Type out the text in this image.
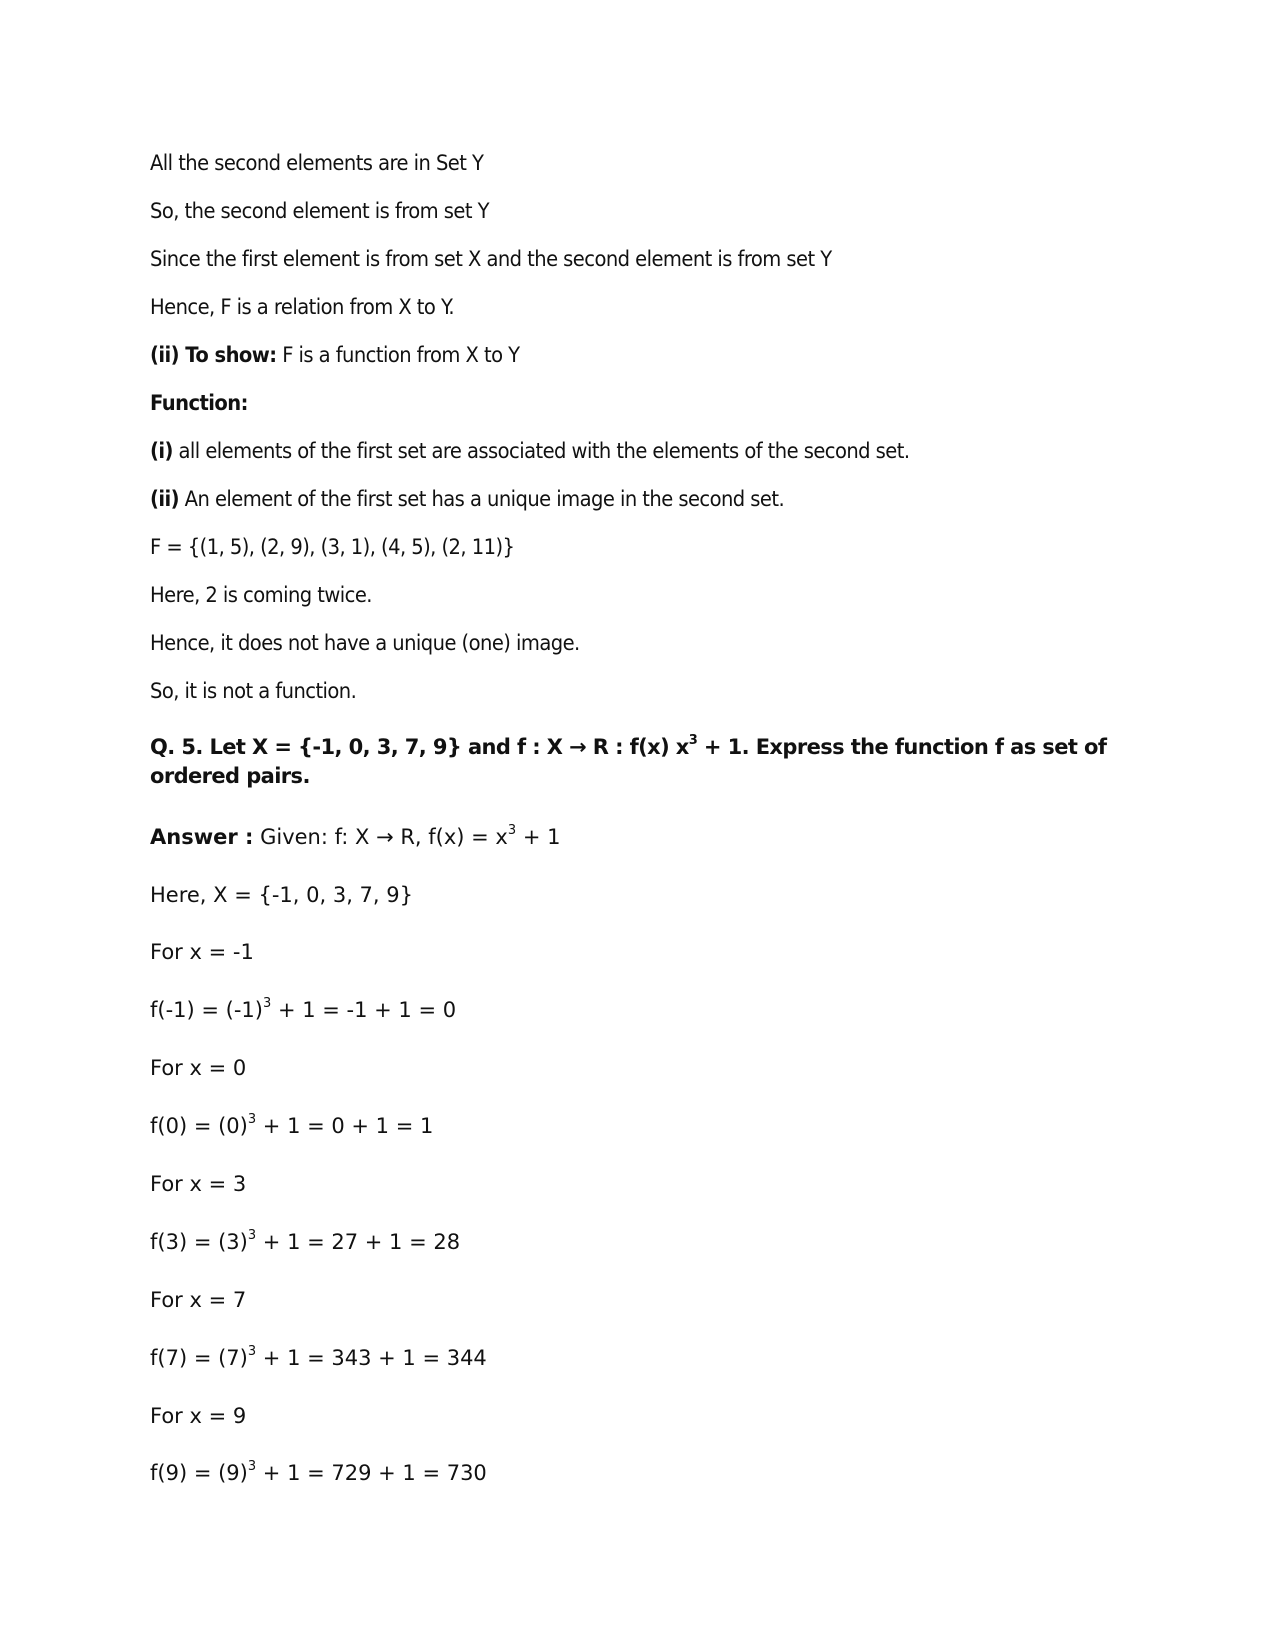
All the second elements are in Set Y
So, the second element is from set Y
Since the first element is from set X and the second element is from set Y
Hence, F is a relation from X to Y.
(ii) To show: F is a function from X to Y
Function:
(i) all elements of the first set are associated with the elements of the second set.
(ii) An element of the first set has a unique image in the second set.
F = {(1, 5), (2, 9), (3, 1), (4, 5), (2, 11)}
Here, 2 is coming twice.
Hence, it does not have a unique (one) image.
So, it is not a function.
Q. 5. Let X = {-1, 0, 3, 7, 9} and f : X → R : f(x) $x^3 + 1$. Express the function f as set of ordered pairs.
Answer : Given: f: X → R, $f(x) = x^3 + 1$
Here, X = {-1, 0, 3, 7, 9}
For x = -1
$f(-1) = (-1)^3 + 1 = -1 + 1 = 0$
For x = 0
$f(0) = (0)^3 + 1 = 0 + 1 = 1$
For x = 3
$f(3) = (3)^3 + 1 = 27 + 1 = 28$
For x = 7
$f(7) = (7)^3 + 1 = 343 + 1 = 344$
For x = 9
$f(9) = (9)^3 + 1 = 729 + 1 = 730$
